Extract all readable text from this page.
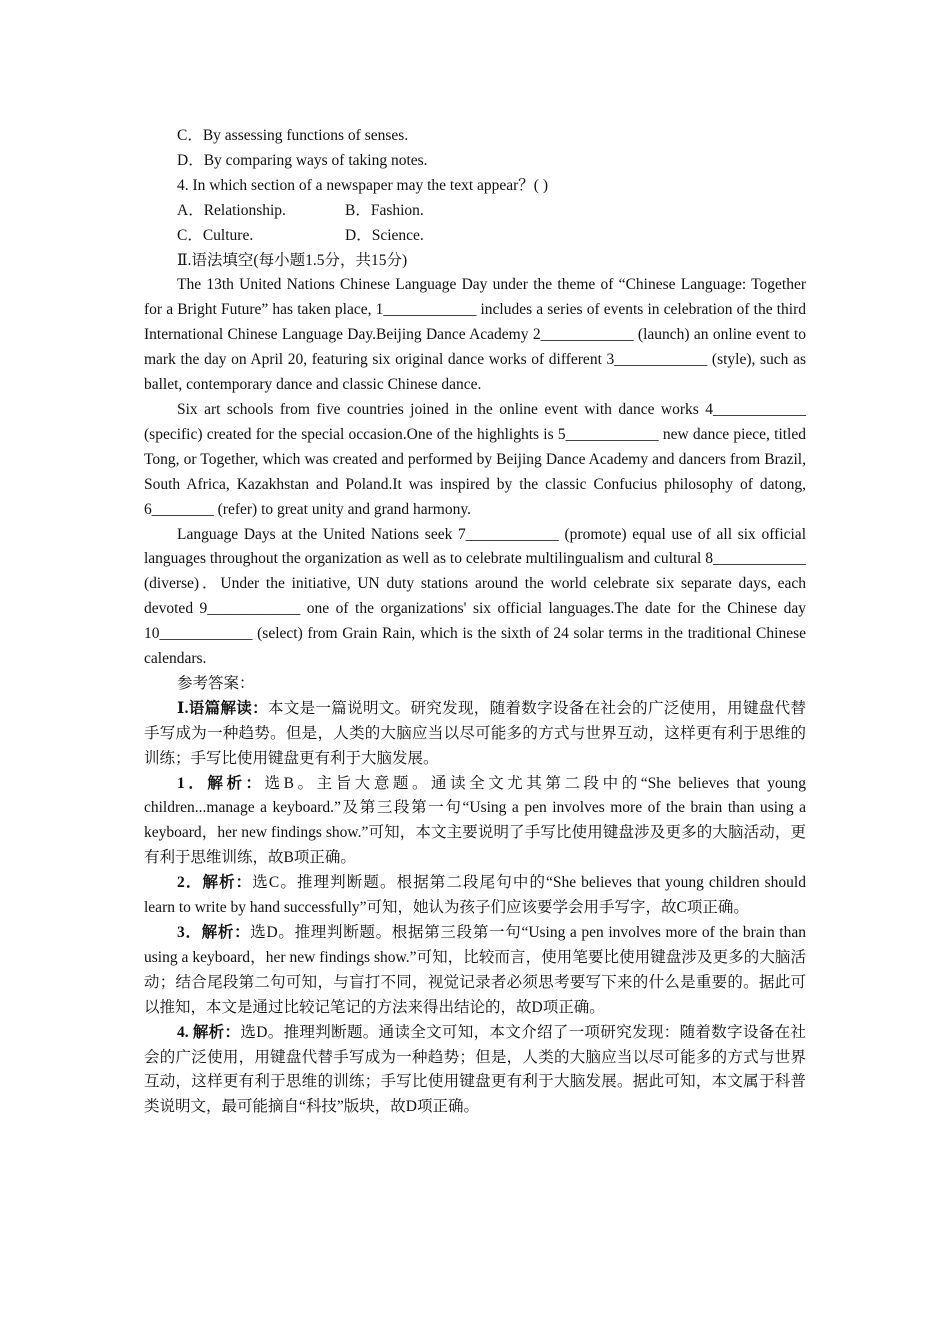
C．By assessing functions of senses.

D．By comparing ways of taking notes.

4. In which section of a newspaper may the text appear？( )

A．Relationship.	B．Fashion.
C．Culture.	D．Science.

Ⅱ.语法填空(每小题1.5分，共15分)

The 13th United Nations Chinese Language Day under the theme of “Chinese Language: Together for a Bright Future” has taken place, 1____________ includes a series of events in celebration of the third International Chinese Language Day.Beijing Dance Academy 2____________ (launch) an online event to mark the day on April 20, featuring six original dance works of different 3____________ (style), such as ballet, contemporary dance and classic Chinese dance.

Six art schools from five countries joined in the online event with dance works 4____________ (specific) created for the special occasion.One of the highlights is 5____________ new dance piece, titled Tong, or Together, which was created and performed by Beijing Dance Academy and dancers from Brazil, South Africa, Kazakhstan and Poland.It was inspired by the classic Confucius philosophy of datong, 6________ (refer) to great unity and grand harmony.

Language Days at the United Nations seek 7____________ (promote) equal use of all six official languages throughout the organization as well as to celebrate multilingualism and cultural 8____________ (diverse)．Under the initiative, UN duty stations around the world celebrate six separate days, each devoted 9____________ one of the organizations' six official languages.The date for the Chinese day 10____________ (select) from Grain Rain, which is the sixth of 24 solar terms in the traditional Chinese calendars.

参考答案：

Ⅰ.语篇解读：本文是一篇说明文。研究发现，随着数字设备在社会的广泛使用，用键盘代替手写成为一种趋势。但是，人类的大脑应当以尽可能多的方式与世界互动，这样更有利于思维的训练；手写比使用键盘更有利于大脑发展。

1．解析：选B。主旨大意题。通读全文尤其第二段中的“She believes that young children...manage a keyboard.”及第三段第一句“Using a pen involves more of the brain than using a keyboard，her new findings show.”可知，本文主要说明了手写比使用键盘涉及更多的大脑活动，更有利于思维训练，故B项正确。

2．解析：选C。推理判断题。根据第二段尾句中的“She believes that young children should learn to write by hand successfully”可知，她认为孩子们应该要学会用手写字，故C项正确。

3．解析：选D。推理判断题。根据第三段第一句“Using a pen involves more of the brain than using a keyboard，her new findings show.”可知，比较而言，使用笔要比使用键盘涉及更多的大脑活动；结合尾段第二句可知，与盲打不同，视觉记录者必须思考要写下来的什么是重要的。据此可以推知，本文是通过比较记笔记的方法来得出结论的，故D项正确。

4. 解析：选D。推理判断题。通读全文可知，本文介绍了一项研究发现：随着数字设备在社会的广泛使用，用键盘代替手写成为一种趋势；但是，人类的大脑应当以尽可能多的方式与世界互动，这样更有利于思维的训练；手写比使用键盘更有利于大脑发展。据此可知，本文属于科普类说明文，最可能摘自“科技”版块，故D项正确。
